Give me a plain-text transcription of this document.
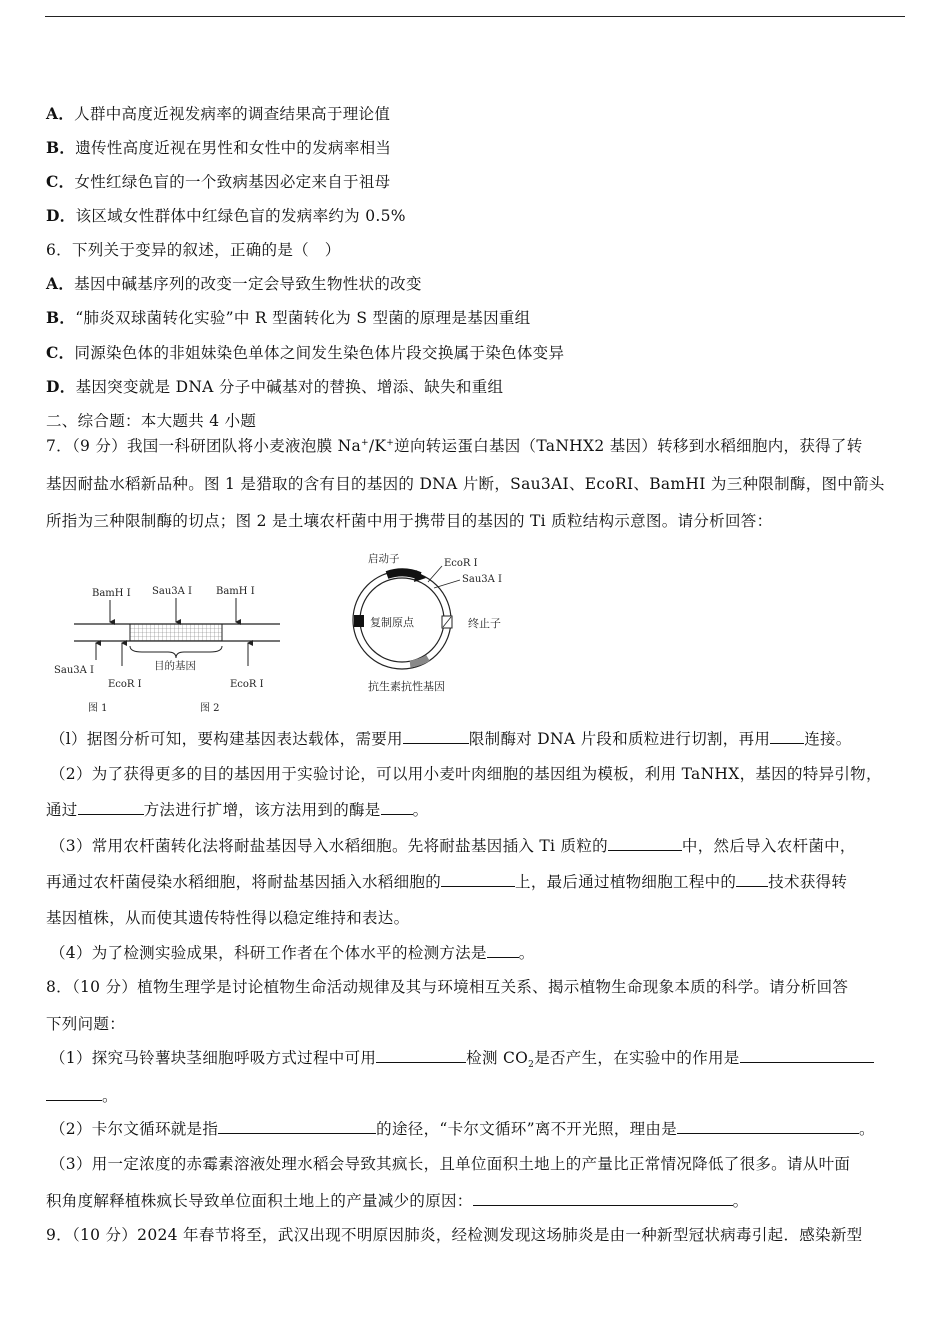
A．人群中高度近视发病率的调查结果高于理论值
B．遗传性高度近视在男性和女性中的发病率相当
C．女性红绿色盲的一个致病基因必定来自于祖母
D．该区域女性群体中红绿色盲的发病率约为 0.5%
6．下列关于变异的叙述，正确的是（　）
A．基因中碱基序列的改变一定会导致生物性状的改变
B．“肺炎双球菌转化实验”中 R 型菌转化为 S 型菌的原理是基因重组
C．同源染色体的非姐妹染色单体之间发生染色体片段交换属于染色体变异
D．基因突变就是 DNA 分子中碱基对的替换、增添、缺失和重组
二、综合题：本大题共 4 小题
7．（9 分）我国一科研团队将小麦液泡膜 Na+/K+逆向转运蛋白基因（TaNHX2 基因）转移到水稻细胞内，获得了转
基因耐盐水稻新品种。图 1 是猎取的含有目的基因的 DNA 片断，Sau3AI、EcoRI、BamHI 为三种限制酶，图中箭头
所指为三种限制酶的切点；图 2 是土壤农杆菌中用于携带目的基因的 Ti 质粒结构示意图。请分析回答：
BamH I Sau3A I BamH I
目的基因
Sau3A I
EcoR I	EcoR I
图 1	图 2
启动子	EcoR I
Sau3A I
复制原点	终止子
抗生素抗性基因
（l）据图分析可知，要构建基因表达载体，需要用	限制酶对 DNA 片段和质粒进行切割，再用 连接。
（2）为了获得更多的目的基因用于实验讨论，可以用小麦叶肉细胞的基因组为模板，利用 TaNHX，基因的特异引物，
通过	方法进行扩增，该方法用到的酶是 。
（3）常用农杆菌转化法将耐盐基因导入水稻细胞。先将耐盐基因插入 Ti 质粒的	中，然后导入农杆菌中，
再通过农杆菌侵染水稻细胞，将耐盐基因插入水稻细胞的	上，最后通过植物细胞工程中的 技术获得转
基因植株，从而使其遗传特性得以稳定维持和表达。
（4）为了检测实验成果，科研工作者在个体水平的检测方法是 。
8．（10 分）植物生理学是讨论植物生命活动规律及其与环境相互关系、揭示植物生命现象本质的科学。请分析回答
下列问题：
（1）探究马铃薯块茎细胞呼吸方式过程中可用	检测 $CO_2$是否产生，在实验中的作用是
。
（2）卡尔文循环就是指	的途径，“卡尔文循环”离不开光照，理由是	。
（3）用一定浓度的赤霉素溶液处理水稻会导致其疯长，且单位面积土地上的产量比正常情况降低了很多。请从叶面
积角度解释植株疯长导致单位面积土地上的产量减少的原因：	。
9．（10 分）2024 年春节将至，武汉出现不明原因肺炎，经检测发现这场肺炎是由一种新型冠状病毒引起．感染新型
